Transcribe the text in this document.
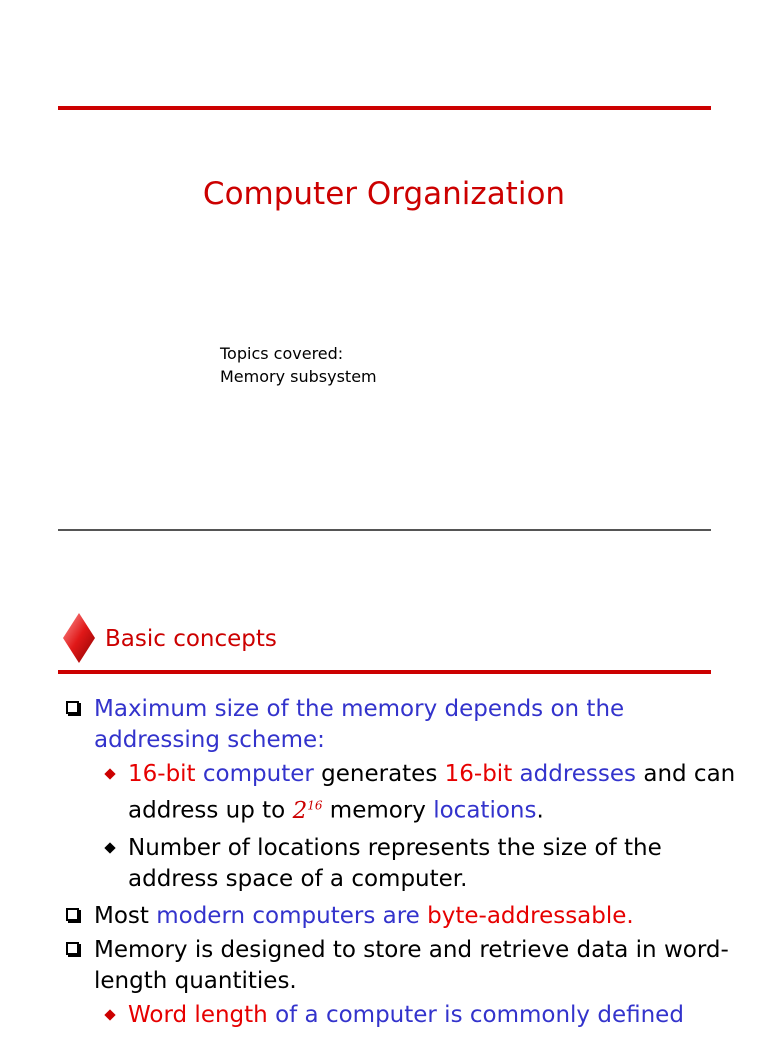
Computer Organization
Topics covered:
Memory subsystem
Basic concepts

Maximum size of the memory depends on the addressing scheme:

16-bit computer generates 16-bit addresses and can address up to $2^{16}$ memory locations.

Number of locations represents the size of the address space of a computer.

Most modern computers are byte-addressable.

Memory is designed to store and retrieve data in word-length quantities.

Word length of a computer is commonly defined
